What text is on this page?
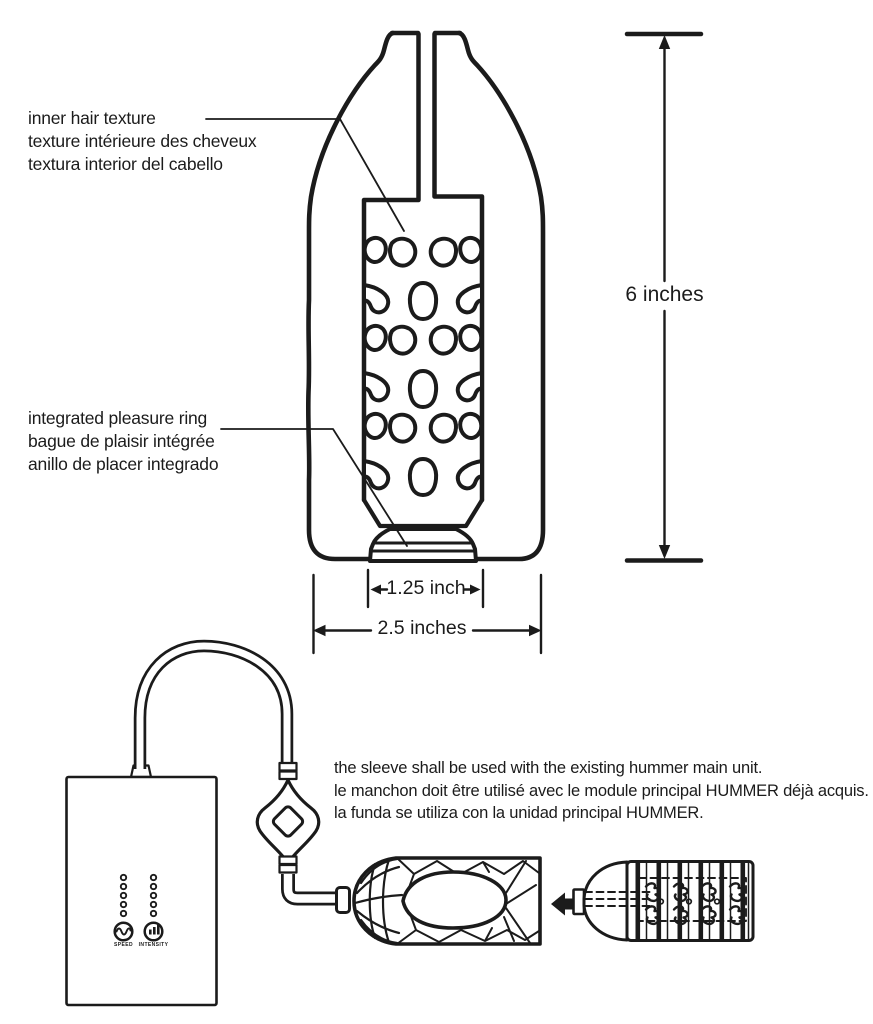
SPEED INTENSITY
inner hair texture
texture intérieure des cheveux
textura interior del cabello
integrated pleasure ring
bague de plaisir intégrée
anillo de placer integrado
6 inches
1.25 inch
2.5 inches
the sleeve shall be used with the existing hummer main unit.
le manchon doit être utilisé avec le module principal HUMMER déjà acquis.
la funda se utiliza con la unidad principal HUMMER.
